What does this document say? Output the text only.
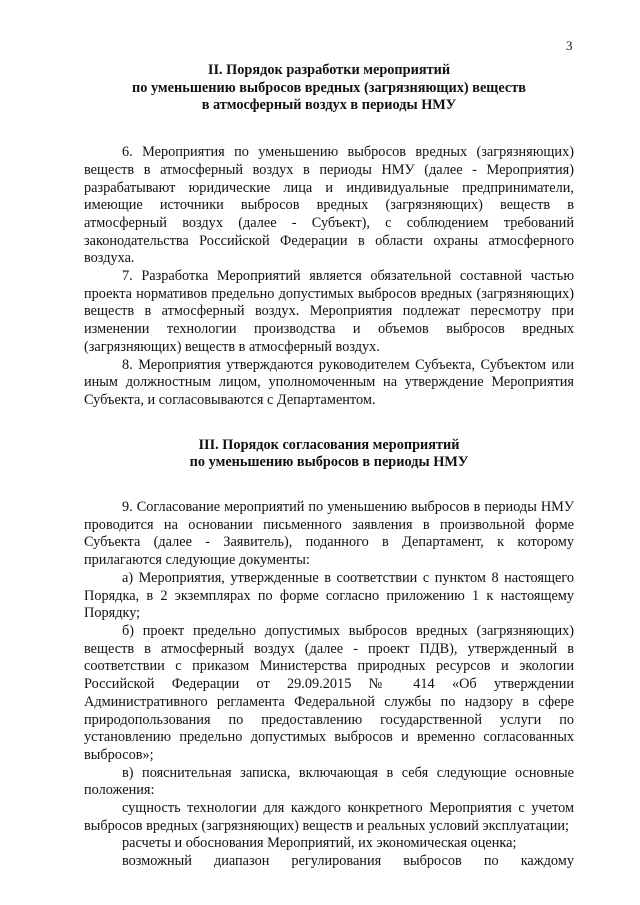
3
II. Порядок разработки мероприятий
по уменьшению выбросов вредных (загрязняющих) веществ
в атмосферный воздух в периоды НМУ

6. Мероприятия по уменьшению выбросов вредных (загрязняющих) веществ в атмосферный воздух в периоды НМУ (далее - Мероприятия) разрабатывают юридические лица и индивидуальные предприниматели, имеющие источники выбросов вредных (загрязняющих) веществ в атмосферный воздух (далее - Субъект), с соблюдением требований законодательства Российской Федерации в области охраны атмосферного воздуха.

7. Разработка Мероприятий является обязательной составной частью проекта нормативов предельно допустимых выбросов вредных (загрязняющих) веществ в атмосферный воздух. Мероприятия подлежат пересмотру при изменении технологии производства и объемов выбросов вредных (загрязняющих) веществ в атмосферный воздух.

8. Мероприятия утверждаются руководителем Субъекта, Субъектом или иным должностным лицом, уполномоченным на утверждение Мероприятия Субъекта, и согласовываются с Департаментом.

III. Порядок согласования мероприятий
по уменьшению выбросов в периоды НМУ

9. Согласование мероприятий по уменьшению выбросов в периоды НМУ проводится на основании письменного заявления в произвольной форме Субъекта (далее - Заявитель), поданного в Департамент, к которому прилагаются следующие документы:

а) Мероприятия, утвержденные в соответствии с пунктом 8 настоящего Порядка, в 2 экземплярах по форме согласно приложению 1 к настоящему Порядку;

б) проект предельно допустимых выбросов вредных (загрязняющих) веществ в атмосферный воздух (далее - проект ПДВ), утвержденный в соответствии с приказом Министерства природных ресурсов и экологии Российской Федерации от 29.09.2015 № 414 «Об утверждении Административного регламента Федеральной службы по надзору в сфере природопользования по предоставлению государственной услуги по установлению предельно допустимых выбросов и временно согласованных выбросов»;

в) пояснительная записка, включающая в себя следующие основные положения:

сущность технологии для каждого конкретного Мероприятия с учетом выбросов вредных (загрязняющих) веществ и реальных условий эксплуатации;

расчеты и обоснования Мероприятий, их экономическая оценка;

возможный диапазон регулирования выбросов по каждому
